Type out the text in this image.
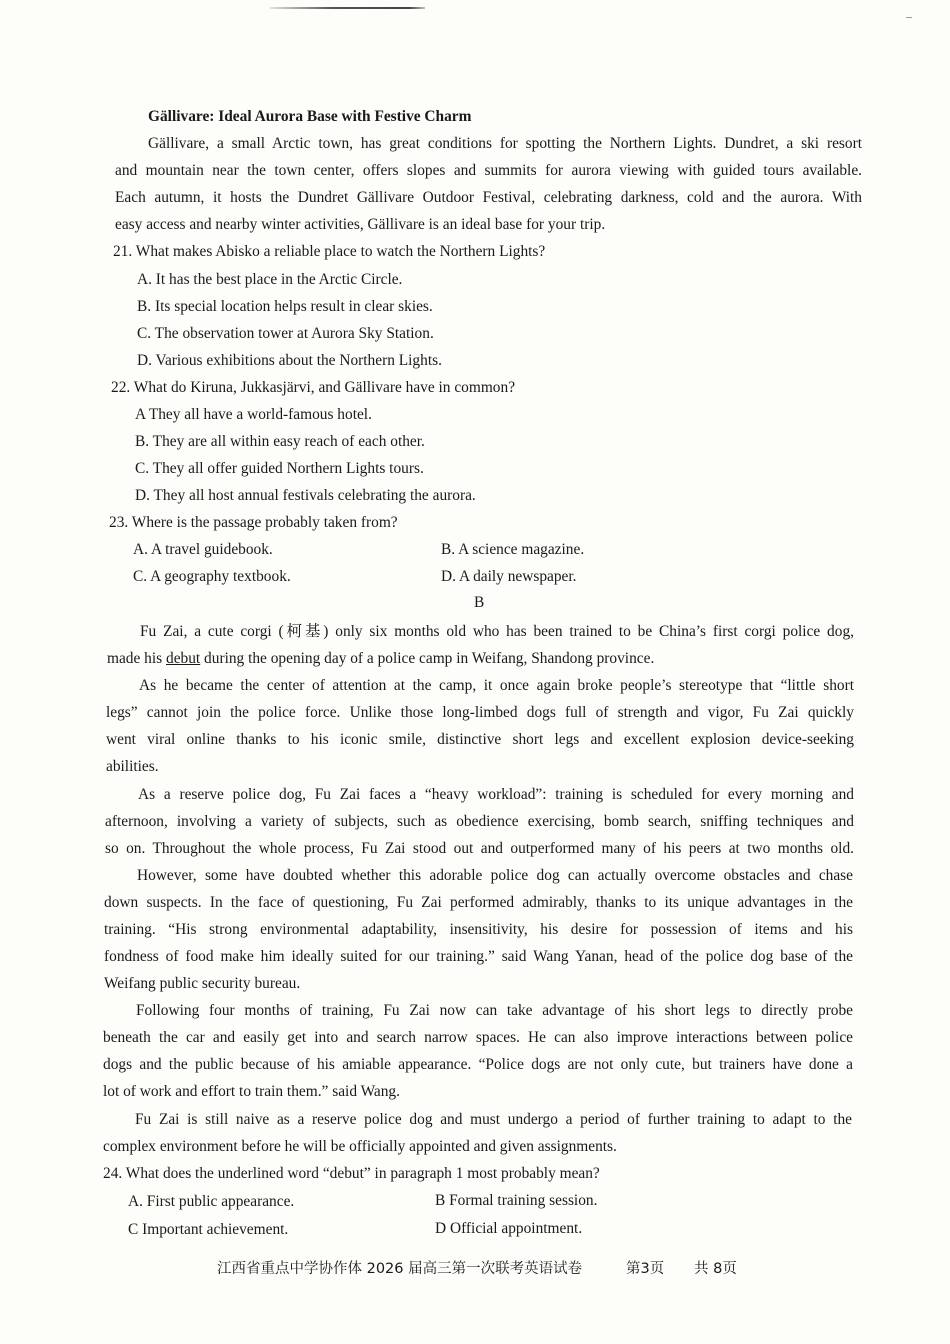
Gällivare: Ideal Aurora Base with Festive Charm
Gällivare, a small Arctic town, has great conditions for spotting the Northern Lights. Dundret, a ski resort
and mountain near the town center, offers slopes and summits for aurora viewing with guided tours available.
Each autumn, it hosts the Dundret Gällivare Outdoor Festival, celebrating darkness, cold and the aurora. With
easy access and nearby winter activities, Gällivare is an ideal base for your trip.
21. What makes Abisko a reliable place to watch the Northern Lights?
A. It has the best place in the Arctic Circle.
B. Its special location helps result in clear skies.
C. The observation tower at Aurora Sky Station.
D. Various exhibitions about the Northern Lights.
22. What do Kiruna, Jukkasjärvi, and Gällivare have in common?
A They all have a world-famous hotel.
B. They are all within easy reach of each other.
C. They all offer guided Northern Lights tours.
D. They all host annual festivals celebrating the aurora.
23. Where is the passage probably taken from?
A. A travel guidebook.	B. A science magazine.
C. A geography textbook.	D. A daily newspaper.
B
Fu Zai, a cute corgi (柯基) only six months old who has been trained to be China’s first corgi police dog,
made his debut during the opening day of a police camp in Weifang, Shandong province.
As he became the center of attention at the camp, it once again broke people’s stereotype that “little short
legs” cannot join the police force. Unlike those long-limbed dogs full of strength and vigor, Fu Zai quickly
went viral online thanks to his iconic smile, distinctive short legs and excellent explosion device-seeking
abilities.
As a reserve police dog, Fu Zai faces a “heavy workload”: training is scheduled for every morning and
afternoon, involving a variety of subjects, such as obedience exercising, bomb search, sniffing techniques and
so on. Throughout the whole process, Fu Zai stood out and outperformed many of his peers at two months old.
However, some have doubted whether this adorable police dog can actually overcome obstacles and chase
down suspects. In the face of questioning, Fu Zai performed admirably, thanks to its unique advantages in the
training. “His strong environmental adaptability, insensitivity, his desire for possession of items and his
fondness of food make him ideally suited for our training.” said Wang Yanan, head of the police dog base of the
Weifang public security bureau.
Following four months of training, Fu Zai now can take advantage of his short legs to directly probe
beneath the car and easily get into and search narrow spaces. He can also improve interactions between police
dogs and the public because of his amiable appearance. “Police dogs are not only cute, but trainers have done a
lot of work and effort to train them.” said Wang.
Fu Zai is still naive as a reserve police dog and must undergo a period of further training to adapt to the
complex environment before he will be officially appointed and given assignments.
24. What does the underlined word “debut” in paragraph 1 most probably mean?
A. First public appearance.	B Formal training session.
C Important achievement.	D Official appointment.
江西省重点中学协作体 2026 届高三第一次联考英语试卷	第3页 共 8页
